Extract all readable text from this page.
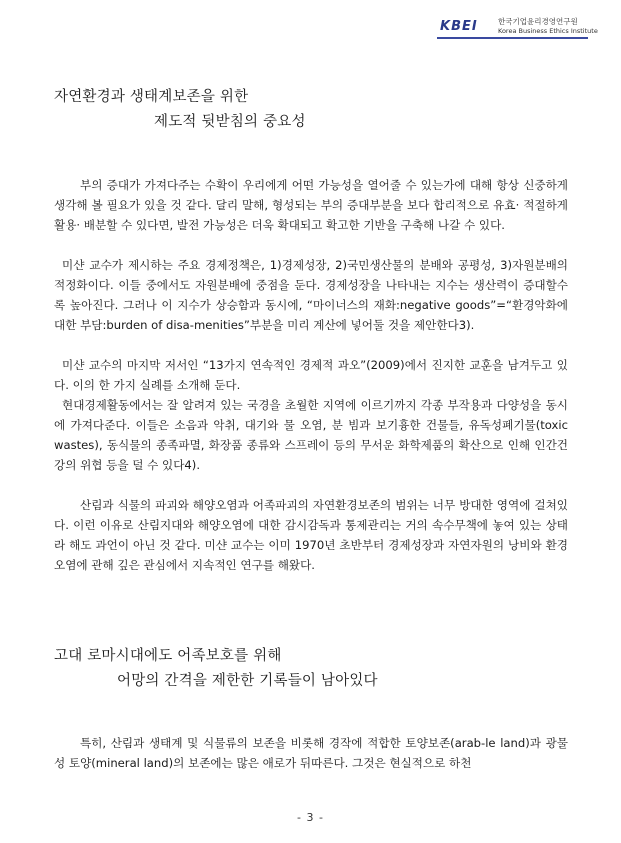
KBEI	한국기업윤리경영연구원
Korea Business Ethics Institute
자연환경과 생태계보존을 위한
제도적 뒷받침의 중요성

부의 증대가 가져다주는 수확이 우리에게 어떤 가능성을 열어줄 수 있는가에 대해 항상 신중하게 생각해 볼 필요가 있을 것 같다. 달리 말해, 형성되는 부의 증대부분을 보다 합리적으로 유효· 적절하게 활용· 배분할 수 있다면, 발전 가능성은 더욱 확대되고 확고한 기반을 구축해 나갈 수 있다.

미샨 교수가 제시하는 주요 경제정책은, 1)경제성장, 2)국민생산물의 분배와 공평성, 3)자원분배의 적정화이다. 이들 중에서도 자원분배에 중점을 둔다. 경제성장을 나타내는 지수는 생산력이 증대할수록 높아진다. 그러나 이 지수가 상승함과 동시에, “마이너스의 재화:negative goods”=“환경악화에 대한 부담:burden of disa-menities”부분을 미리 계산에 넣어둘 것을 제안한다3).

미샨 교수의 마지막 저서인 “13가지 연속적인 경제적 과오”(2009)에서 진지한 교훈을 남겨두고 있다. 이의 한 가지 실례를 소개해 둔다.

현대경제활동에서는 잘 알려져 있는 국경을 초월한 지역에 이르기까지 각종 부작용과 다양성을 동시에 가져다준다. 이들은 소음과 악취, 대기와 물 오염, 분 빔과 보기흉한 건물들, 유독성폐기물(toxic wastes), 동식물의 종족파멸, 화장품 종류와 스프레이 등의 무서운 화학제품의 확산으로 인해 인간건강의 위협 등을 덜 수 있다4).

산림과 식물의 파괴와 해양오염과 어족파괴의 자연환경보존의 범위는 너무 방대한 영역에 걸쳐있다. 이런 이유로 산림지대와 해양오염에 대한 감시감독과 통제관리는 거의 속수무책에 놓여 있는 상태라 해도 과언이 아닌 것 같다. 미샨 교수는 이미 1970년 초반부터 경제성장과 자연자원의 낭비와 환경오염에 관해 깊은 관심에서 지속적인 연구를 해왔다.

고대 로마시대에도 어족보호를 위해
어망의 간격을 제한한 기록들이 남아있다

특히, 산림과 생태계 및 식물류의 보존을 비롯해 경작에 적합한 토양보존(arab-le land)과 광물성 토양(mineral land)의 보존에는 많은 애로가 뒤따른다. 그것은 현실적으로 하천

- 3 -
